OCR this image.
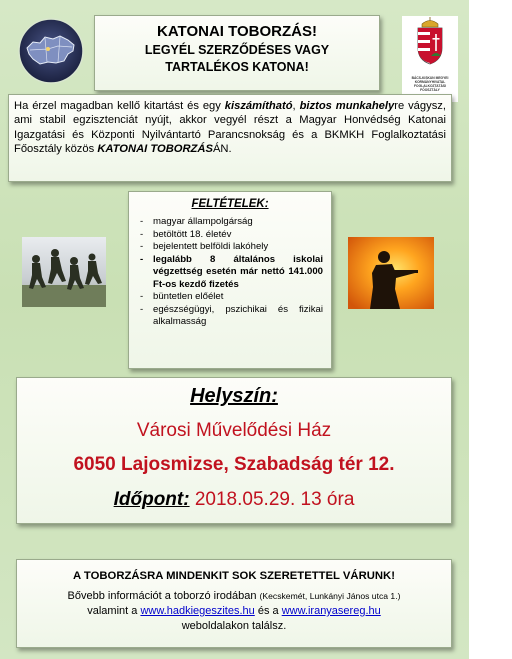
BÁCS-KISKUN MEGYEI
KORMÁNYHIVATAL
FOGLALKOZTATÁSI
FŐOSZTÁLY
KATONAI TOBORZÁS!
LEGYÉL SZERZŐDÉSES VAGY
TARTALÉKOS KATONA!
Ha érzel magadban kellő kitartást és egy kiszámítható, biztos munkahelyre vágysz, ami stabil egzisztenciát nyújt, akkor vegyél részt a Magyar Honvédség Katonai Igazgatási és Központi Nyilvántartó Parancsnokság és a BKMKH Foglalkoztatási Főosztály közös KATONAI TOBORZÁSÁN.
FELTÉTELEK:
- magyar állampolgárság
- betöltött 18. életév
- bejelentett belföldi lakóhely
- legalább 8 általános iskolai végzettség esetén már nettó 141.000 Ft-os kezdő fizetés
- büntetlen előélet
- egészségügyi, pszichikai és fizikai alkalmasság
Helyszín:
Városi Művelődési Ház
6050 Lajosmizse, Szabadság tér 12.
Időpont: 2018.05.29. 13 óra
A TOBORZÁSRA MINDENKIT SOK SZERETETTEL VÁRUNK!
Bővebb információt a toborzó irodában (Kecskemét, Lunkányi János utca 1.)
valamint a www.hadkiegeszites.hu és a www.iranyasereg.hu
weboldalakon találsz.
